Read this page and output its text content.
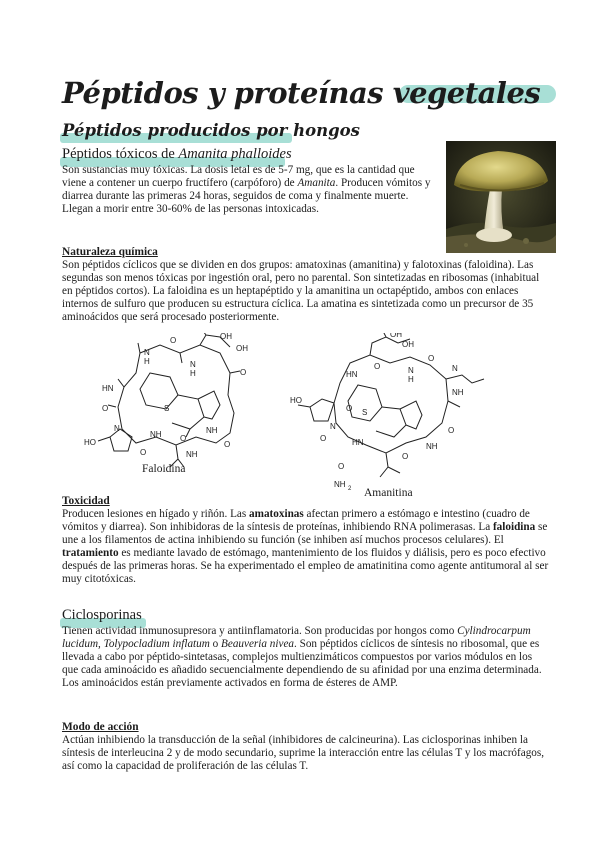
Péptidos y proteínas vegetales
Péptidos producidos por hongos
Péptidos tóxicos de Amanita phalloides
Son sustancias muy tóxicas. La dosis letal es de 5-7 mg, que es la cantidad que viene a contener un cuerpo fructífero (carpóforo) de Amanita. Producen vómitos y diarrea durante las primeras 24 horas, seguidos de coma y finalmente muerte. Llegan a morir entre 30-60% de las personas intoxicadas.
Naturaleza química
Son péptidos cíclicos que se dividen en dos grupos: amatoxinas (amanitina) y falotoxinas (faloidina). Las segundas son menos tóxicas por ingestión oral, pero no parental. Son sintetizadas en ribosomas (inhabitual en péptidos cortos). La faloidina es un heptapéptido y la amanitina un octapéptido, ambos con enlaces internos de sulfuro que producen su estructura cíclica. La amatina es sintetizada como un precursor de 35 aminoácidos que será procesado posteriormente.
OH
OH
N
H
O
N
H
HN
O	S
NH
O
N
HO
NH O
O
NH
O
Faloidina
OH
OH
HN
O	N
H
O
N
NH
HO
S
O
N
O	HN	NH
O
O
O
NH 2 Amanitina
Toxicidad
Producen lesiones en hígado y riñón. Las amatoxinas afectan primero a estómago e intestino (cuadro de vómitos y diarrea). Son inhibidoras de la síntesis de proteínas, inhibiendo RNA polimerasas. La faloidina se une a los filamentos de actina inhibiendo su función (se inhiben así muchos procesos celulares). El tratamiento es mediante lavado de estómago, mantenimiento de los fluidos y diálisis, pero es poco efectivo después de las primeras horas. Se ha experimentado el empleo de amatinitina como agente antitumoral al ser muy citotóxicas.
Ciclosporinas
Tienen actividad inmunosupresora y antiinflamatoria. Son producidas por hongos como Cylindrocarpum lucidum, Tolypocladium inflatum o Beauveria nivea. Son péptidos cíclicos de síntesis no ribosomal, que es llevada a cabo por péptido-sintetasas, complejos multienzimáticos compuestos por varios módulos en los que cada aminoácido es añadido secuencialmente dependiendo de su afinidad por una enzima determinada. Los aminoácidos están previamente activados en forma de ésteres de AMP.
Modo de acción
Actúan inhibiendo la transducción de la señal (inhibidores de calcineurina). Las ciclosporinas inhiben la síntesis de interleucina 2 y de modo secundario, suprime la interacción entre las células T y los macrófagos, así como la capacidad de proliferación de las células T.
